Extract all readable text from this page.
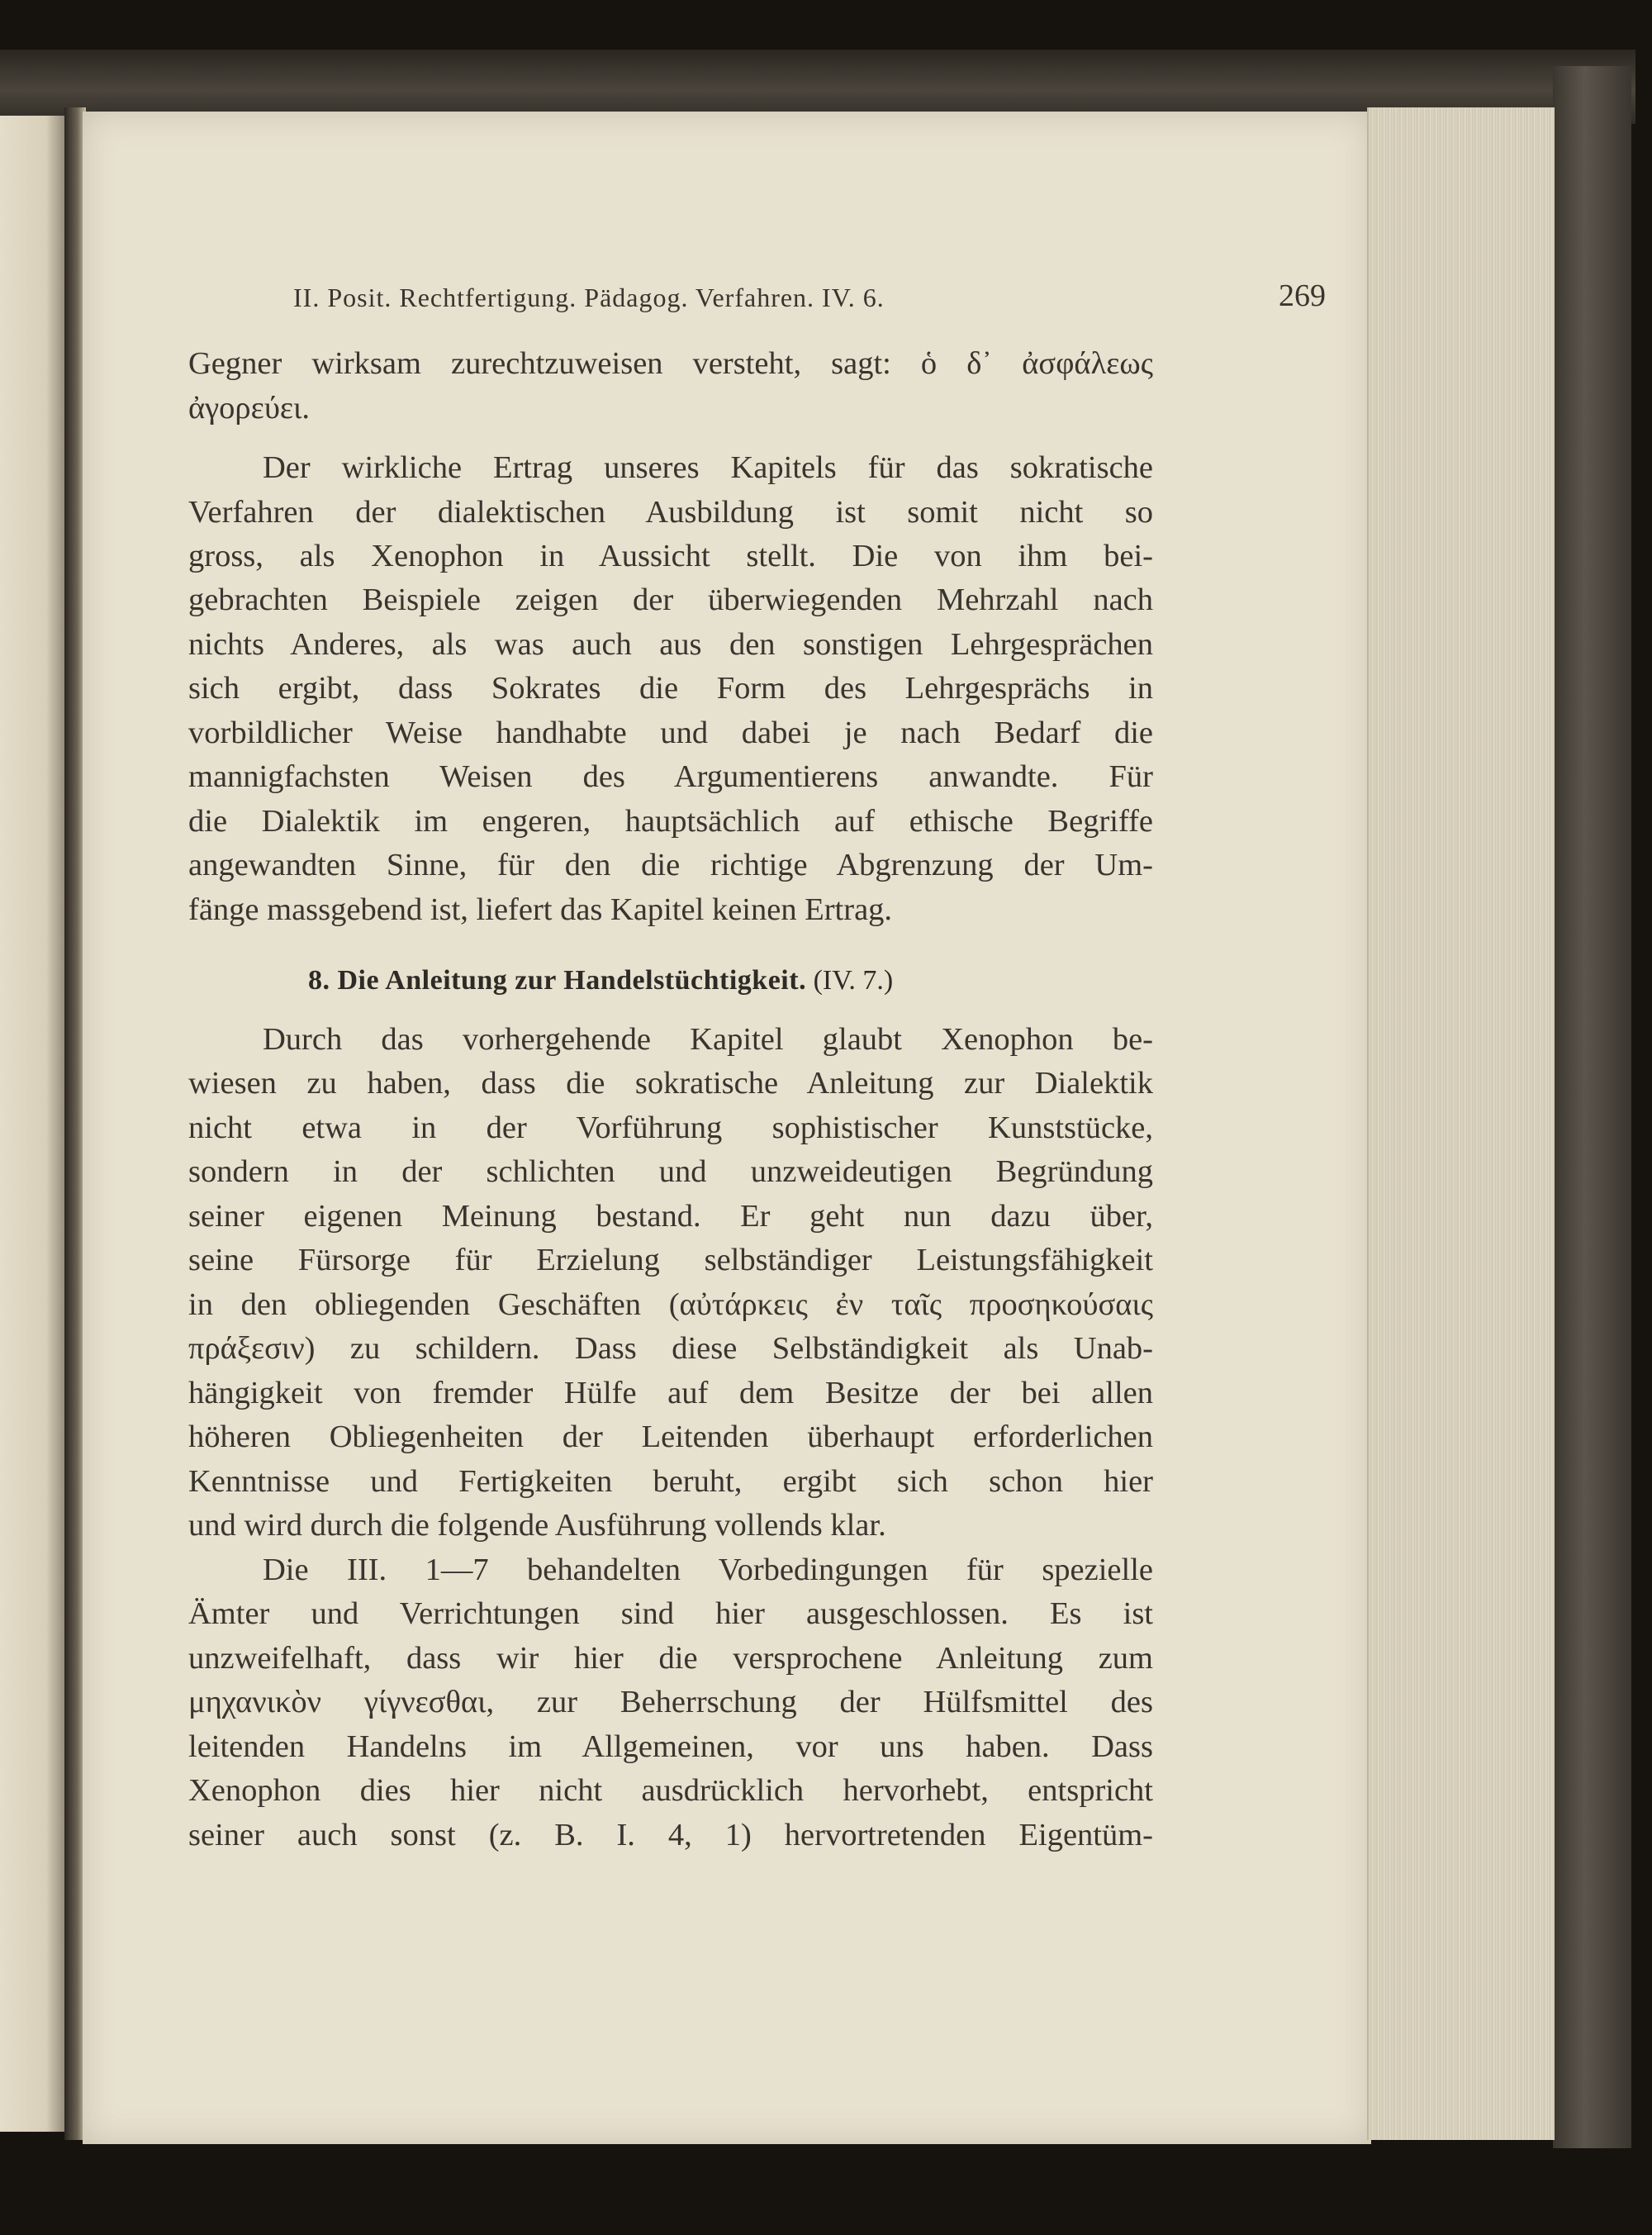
II. Posit. Rechtfertigung. Pädagog. Verfahren. IV. 6.	269
Gegner wirksam zurechtzuweisen versteht, sagt: ὁ δ᾽ ἀσφάλεως
ἀγορεύει.
Der wirkliche Ertrag unseres Kapitels für das sokratische
Verfahren der dialektischen Ausbildung ist somit nicht so
gross, als Xenophon in Aussicht stellt. Die von ihm bei-
gebrachten Beispiele zeigen der überwiegenden Mehrzahl nach
nichts Anderes, als was auch aus den sonstigen Lehrgesprächen
sich ergibt, dass Sokrates die Form des Lehrgesprächs in
vorbildlicher Weise handhabte und dabei je nach Bedarf die
mannigfachsten Weisen des Argumentierens anwandte. Für
die Dialektik im engeren, hauptsächlich auf ethische Begriffe
angewandten Sinne, für den die richtige Abgrenzung der Um-
fänge massgebend ist, liefert das Kapitel keinen Ertrag.
8. Die Anleitung zur Handelstüchtigkeit. (IV. 7.)
Durch das vorhergehende Kapitel glaubt Xenophon be-
wiesen zu haben, dass die sokratische Anleitung zur Dialektik
nicht etwa in der Vorführung sophistischer Kunststücke,
sondern in der schlichten und unzweideutigen Begründung
seiner eigenen Meinung bestand. Er geht nun dazu über,
seine Fürsorge für Erzielung selbständiger Leistungsfähigkeit
in den obliegenden Geschäften (αὐτάρκεις ἐν ταῖς προσηκούσαις
πράξεσιν) zu schildern. Dass diese Selbständigkeit als Unab-
hängigkeit von fremder Hülfe auf dem Besitze der bei allen
höheren Obliegenheiten der Leitenden überhaupt erforderlichen
Kenntnisse und Fertigkeiten beruht, ergibt sich schon hier
und wird durch die folgende Ausführung vollends klar.
Die III. 1—7 behandelten Vorbedingungen für spezielle
Ämter und Verrichtungen sind hier ausgeschlossen. Es ist
unzweifelhaft, dass wir hier die versprochene Anleitung zum
μηχανικὸν γίγνεσθαι, zur Beherrschung der Hülfsmittel des
leitenden Handelns im Allgemeinen, vor uns haben. Dass
Xenophon dies hier nicht ausdrücklich hervorhebt, entspricht
seiner auch sonst (z. B. I. 4, 1) hervortretenden Eigentüm-
